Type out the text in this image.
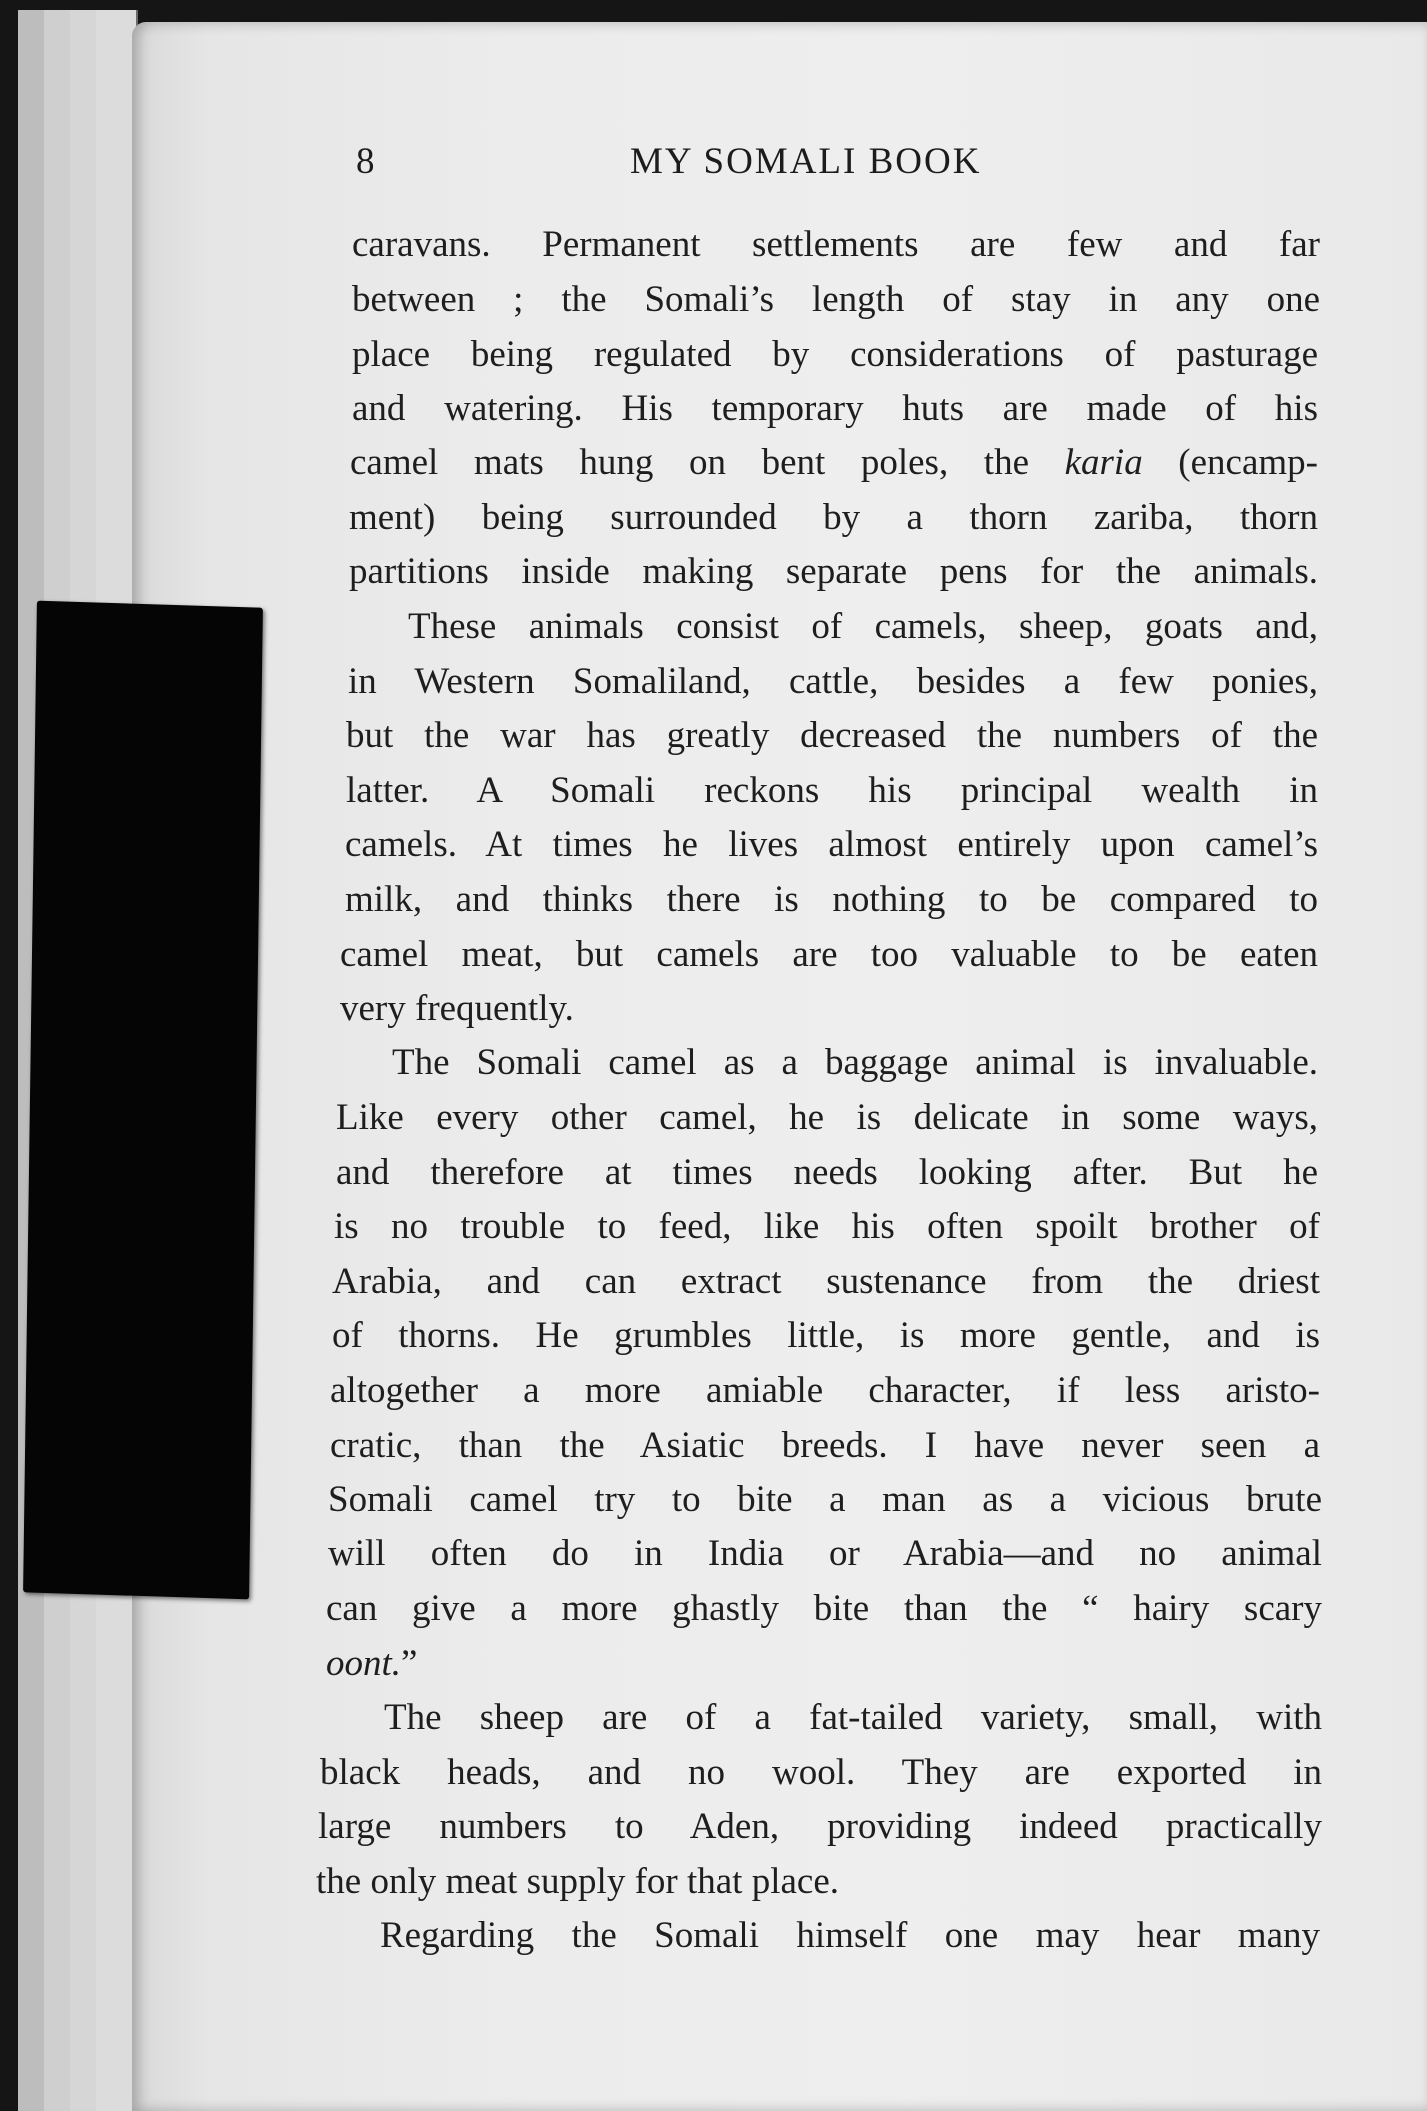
8	MY SOMALI BOOK
caravans. Permanent settlements are few and far
between ; the Somali’s length of stay in any one
place being regulated by considerations of pasturage
and watering. His temporary huts are made of his
camel mats hung on bent poles, the karia (encamp-
ment) being surrounded by a thorn zariba, thorn
partitions inside making separate pens for the animals.
These animals consist of camels, sheep, goats and,
in Western Somaliland, cattle, besides a few ponies,
but the war has greatly decreased the numbers of the
latter. A Somali reckons his principal wealth in
camels. At times he lives almost entirely upon camel’s
milk, and thinks there is nothing to be compared to
camel meat, but camels are too valuable to be eaten
very frequently.
The Somali camel as a baggage animal is invaluable.
Like every other camel, he is delicate in some ways,
and therefore at times needs looking after. But he
is no trouble to feed, like his often spoilt brother of
Arabia, and can extract sustenance from the driest
of thorns. He grumbles little, is more gentle, and is
altogether a more amiable character, if less aristo-
cratic, than the Asiatic breeds. I have never seen a
Somali camel try to bite a man as a vicious brute
will often do in India or Arabia—and no animal
can give a more ghastly bite than the “ hairy scary
oont.”
The sheep are of a fat-tailed variety, small, with
black heads, and no wool. They are exported in
large numbers to Aden, providing indeed practically
the only meat supply for that place.
Regarding the Somali himself one may hear many
